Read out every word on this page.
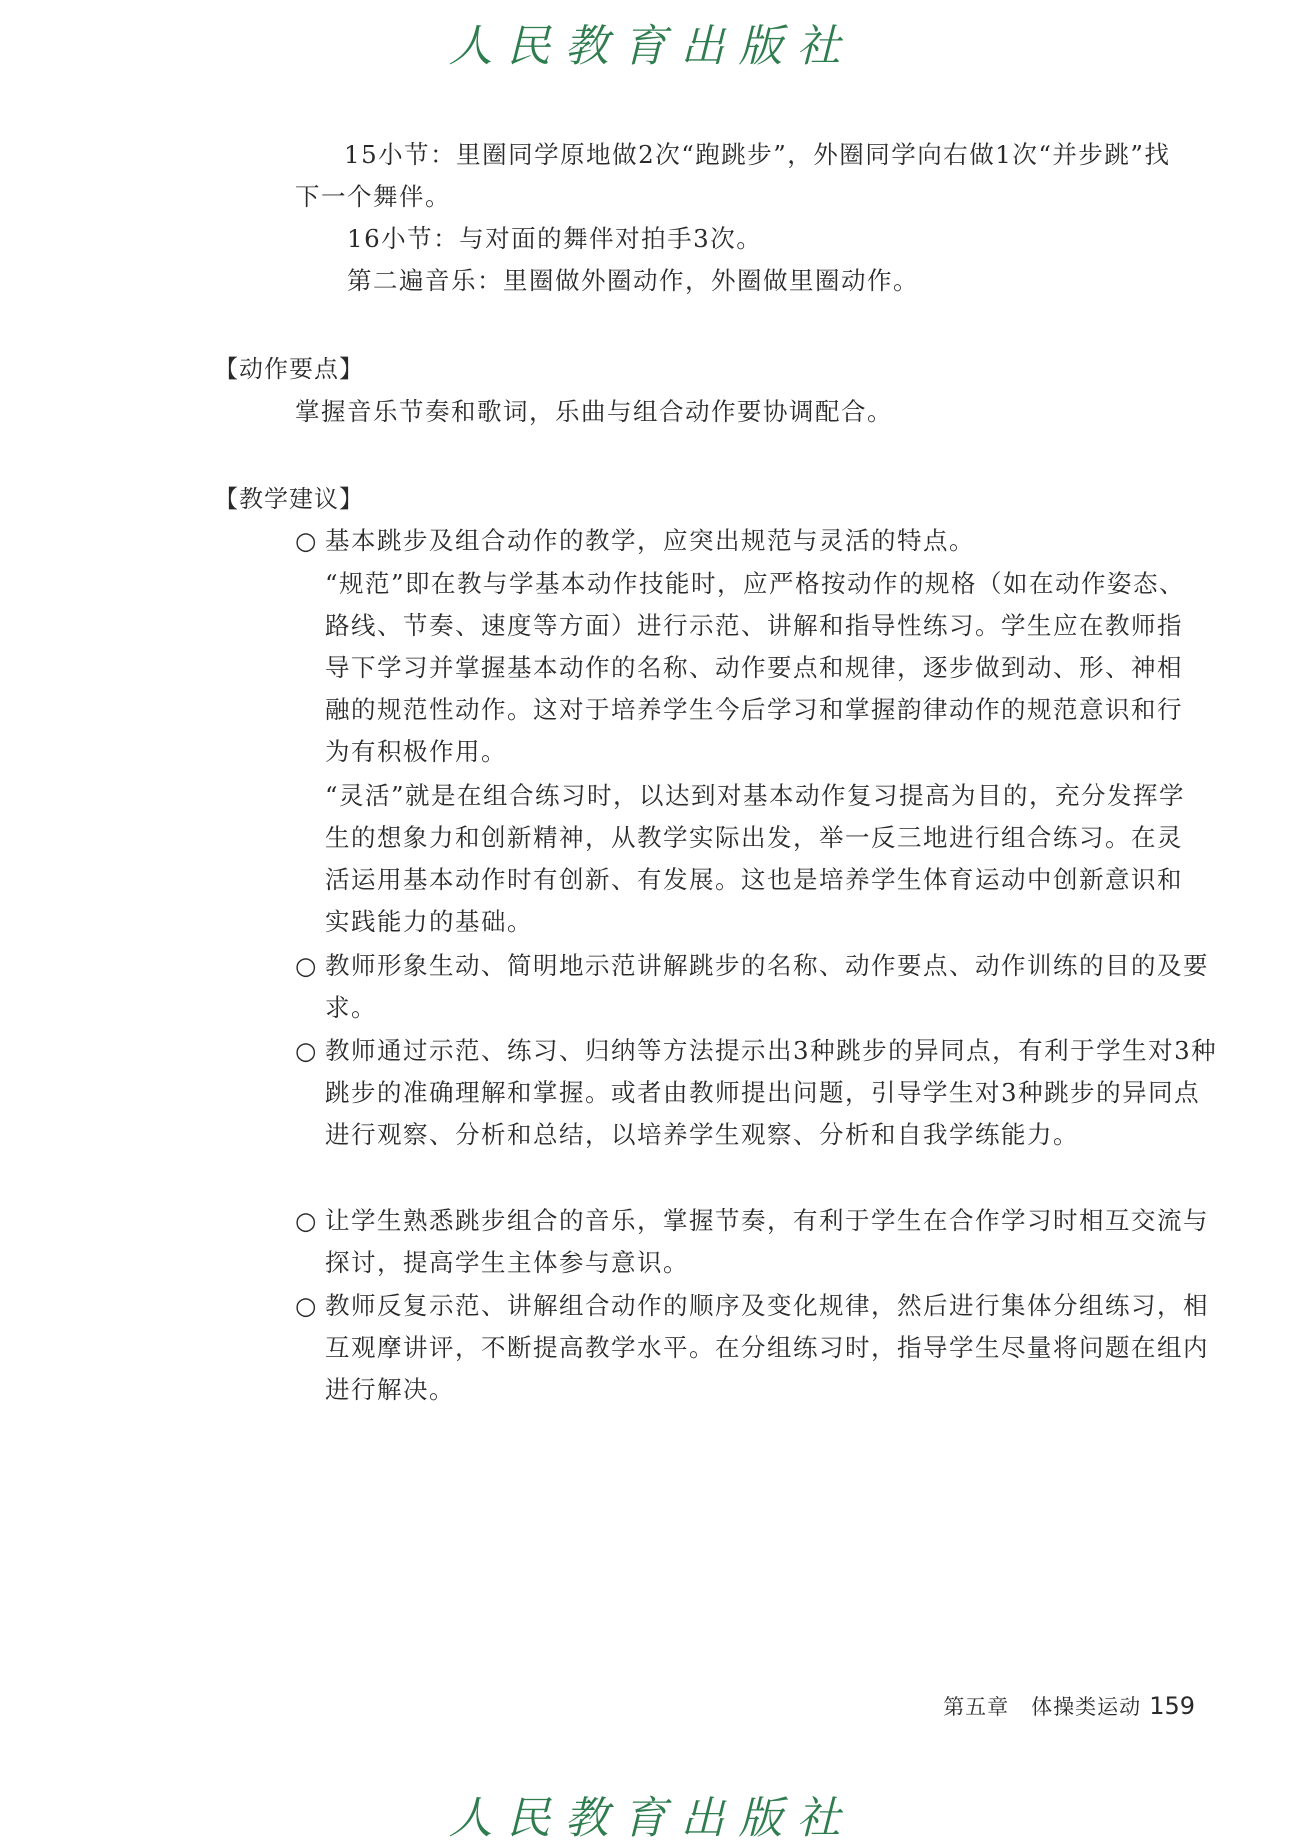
人民教育出版社

15小节：里圈同学原地做2次“跑跳步”，外圈同学向右做1次“并步跳”找下一个舞伴。

16小节：与对面的舞伴对拍手3次。

第二遍音乐：里圈做外圈动作，外圈做里圈动作。

【动作要点】

掌握音乐节奏和歌词，乐曲与组合动作要协调配合。

【教学建议】
○ 基本跳步及组合动作的教学，应突出规范与灵活的特点。
“规范”即在教与学基本动作技能时，应严格按动作的规格（如在动作姿态、路线、节奏、速度等方面）进行示范、讲解和指导性练习。学生应在教师指导下学习并掌握基本动作的名称、动作要点和规律，逐步做到动、形、神相融的规范性动作。这对于培养学生今后学习和掌握韵律动作的规范意识和行为有积极作用。
“灵活”就是在组合练习时，以达到对基本动作复习提高为目的，充分发挥学生的想象力和创新精神，从教学实际出发，举一反三地进行组合练习。在灵活运用基本动作时有创新、有发展。这也是培养学生体育运动中创新意识和实践能力的基础。
○ 教师形象生动、简明地示范讲解跳步的名称、动作要点、动作训练的目的及要求。
○ 教师通过示范、练习、归纳等方法提示出3种跳步的异同点，有利于学生对3种跳步的准确理解和掌握。或者由教师提出问题，引导学生对3种跳步的异同点进行观察、分析和总结，以培养学生观察、分析和自我学练能力。
○ 让学生熟悉跳步组合的音乐，掌握节奏，有利于学生在合作学习时相互交流与探讨，提高学生主体参与意识。
○ 教师反复示范、讲解组合动作的顺序及变化规律，然后进行集体分组练习，相互观摩讲评，不断提高教学水平。在分组练习时，指导学生尽量将问题在组内进行解决。
第五章　体操类运动 159
人民教育出版社
